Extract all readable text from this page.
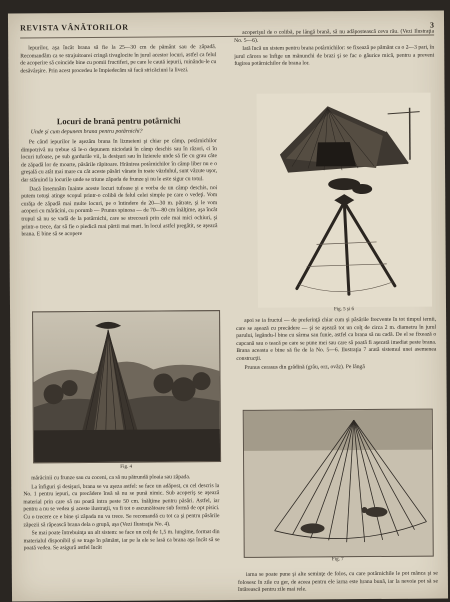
REVISTA VÂNĂTORILOR	3

lepurilor, aşa încât brana să fie la 25—30 cm de pământ sau de zăpadă. Recomandăm ca se strajuitoarei cringă tivaglocite în jurul acestor locuri, astfel ca felul de acoperire să coincide bine cu pomii fructiferi, pe care le caută iepurii, ruinându-le cu desăvârşire. Prin acest procedeu le împiedecăm să facă stricăciuni la livezi.

Locuri de brană pentru potârnichi
Unde şi cum depunem brana pentru potârnichi?

Pe când iepurilor le aşezăm brana în lizmeieni şi chiar pe câmp, potârnichilor dimpotrivă nu trebue să le-o depunem niciodată în câmp deschis sau în răzori, ci în locuri tufoase, pe sub gardurile vii, la desişuri sau în lizierele unde să fie cu grau câte de zăpadă lor de moarte, păsările răpitoare. Hrănirea potârnichilor în câmp liber nu e o greşală cu atât mai mare cu cât aceste păsări vânate în toate văzduhul, sunt văzute uşor, dar stăruind la locurile unde se triune zăpada de frunze şi nu le este sigur cu totul.

Dacă însemnăm înainte aceste locuri tufoase şi e vorba de un câmp deschis, noi putem totuşi atinge scopul printr-o colibă de felul celei simple pe care o vedeţi. Vom curăţa de zăpadă mai multe locuri, pe o întindere de 20—30 m. pătrate, şi le vom acoperi cu mărăcini, cu porumb — Prunus spinosa — de 70—80 cm înălţime, aşa încât trupul să nu se vadă de la potârnichi, care se strecoară prin cele mai mici ochiuri, şi printr-o trece, dar să fie o piedică mai pârtii mai mari. în locul astfel pregătit, se aşează brana. E bine să se acopere

Fig. 4

mărăcinii cu frunze sau cu coceni, ca să nu pătrundă ploaia sau zăpada.

La înfiguri şi desişuri, brana se va aşeza astfel: se face un adăpost, cu cel descris la No. 1 pentru iepuri, cu precădere însă să nu se pună nimic. Sub acoperiş se aşează material prin care să nu poată intra peste 50 cm. înălţime pentru păsări. Astfel, iar pentru a nu se vedea şi aceste ilustraţii, va fi tot o ascunzătoare sub formă de opt pisici. Cu o trecere ce e bine şi zăpada nu va trece. Se recomandă cu tot ca şi pentru păsările zăpezii să răpească brana dela o grupă, aşa (Vezi Ilustraţia No. 4).

Se mai poate întrebuinţa un alt sistem: se face un colţ de 1,5 m. lungime, format din materialul disponibil şi se trage în pământ, iar pe la ele se lasă ca brana aşa încât să se poată vedea. Se asigură astfel încât

acoperişul de o colibă, pe lângă brană, să nu adăpostească ceva rău. (Vezi Ilustraţia No. 5—6).

Iată încă un sistem pentru brana potârnichilor: se fixează pe pământ ca o 2—3 pari, în jurul cărora se înfige un mănunchi de brazi şi se fac o găurice mică, pentru a preveni fugirea potârnichilor de brana lor.

Fig. 5 şi 6

apoi se ia fructul — de preferinţă chiar cum şi păsările frecvente în tot timpul iernii, care se aşează cu precădere — şi se aşează tot un colţ de circa 2 m. diametru în jurul parului, legându-l bine cu sârma sau funie, astfel ca brana să nu cadă. De el se fixează o capcană sau o teacă pe care se pune mei sau care să poată fi aşezată imediat peste brana. Brana aceasta e bine să fie de la No. 5—6. Ilustraţia 7 arată sistemul unei asemenea construcţii.

Prunus cerasus din grădină (grâu, orz, ovăz). Pe lângă

Fig. 7

iarna se poate pune şi alte seminţe de folos, cu care potârnichile le pot mânca şi se folosesc în zile cu ger, de aceea pentru ele iarna este hrana bună, iar la nevoie pot să se întărească pentru zile mai rele.
